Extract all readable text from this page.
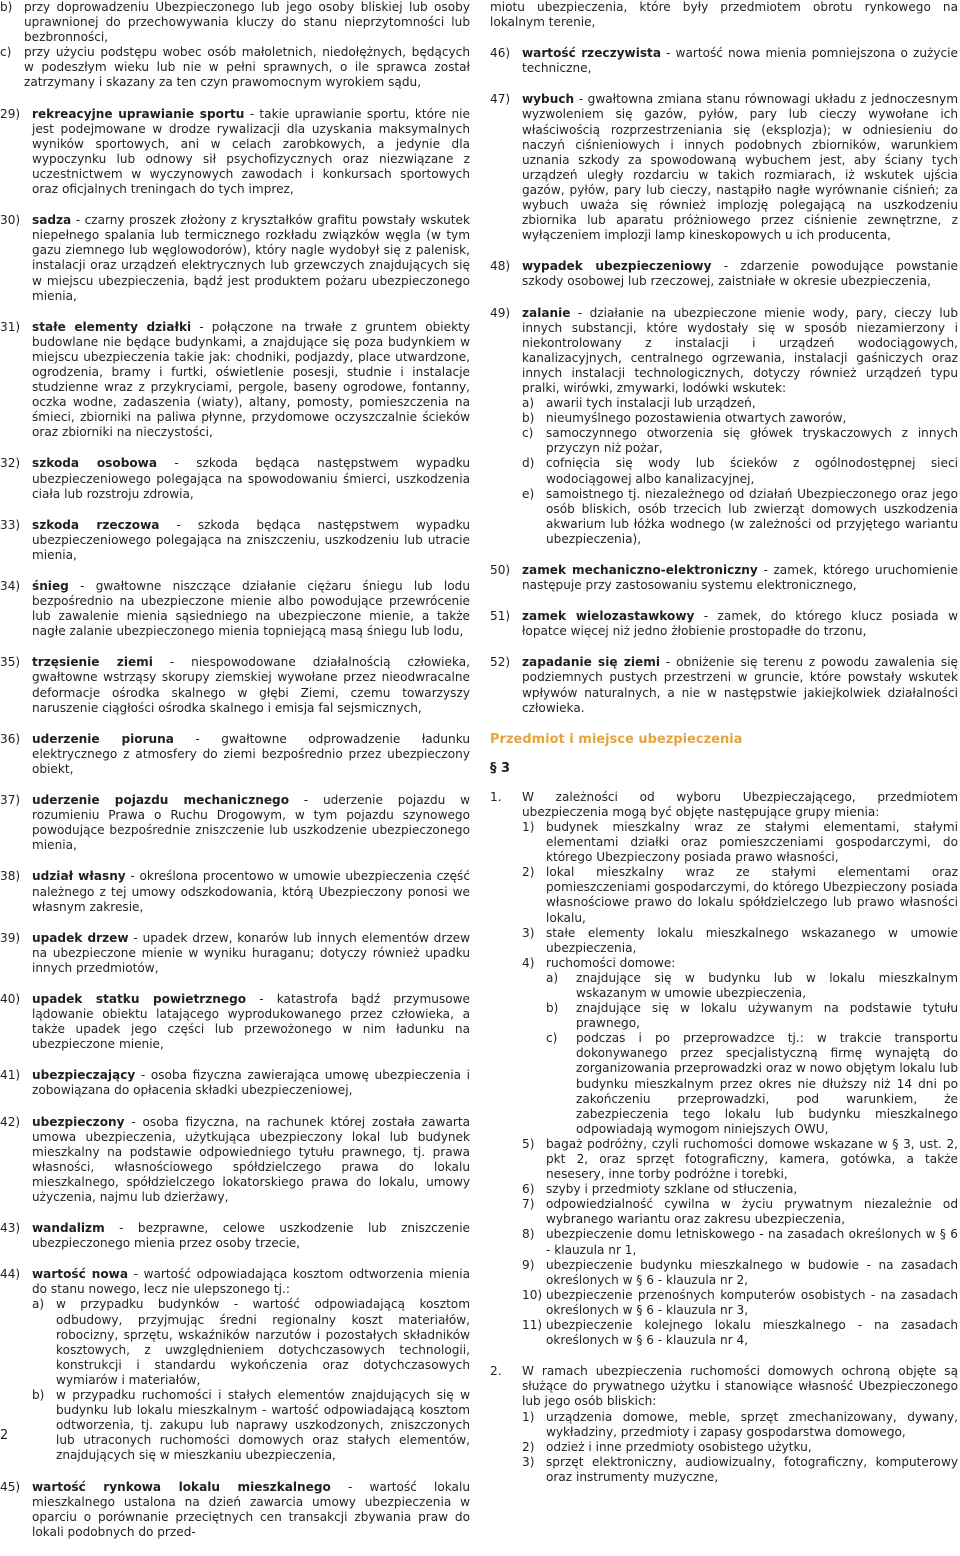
b) przy doprowadzeniu Ubezpieczonego lub jego osoby bliskiej lub osoby uprawnionej do przechowywania kluczy do stanu nieprzytomności lub bezbronności,
c)	przy użyciu podstępu wobec osób małoletnich, niedołężnych, będących w podeszłym wieku lub nie w pełni sprawnych, o ile sprawca został zatrzymany i skazany za ten czyn prawomocnym wyrokiem sądu,
29) rekreacyjne uprawianie sportu - takie uprawianie sportu, które nie jest podejmowane w drodze rywalizacji dla uzyskania maksymalnych wyników sportowych, ani w celach zarobkowych, a jedynie dla wypoczynku lub odnowy sił psychofizycznych oraz niezwiązane z uczestnictwem w wyczynowych zawodach i konkursach sportowych oraz oficjalnych treningach do tych imprez,
30) sadza - czarny proszek złożony z kryształków grafitu powstały wskutek niepełnego spalania lub termicznego rozkładu związków węgla (w tym gazu ziemnego lub węglowodorów), który nagle wydobył się z palenisk, instalacji oraz urządzeń elektrycznych lub grzewczych znajdujących się w miejscu ubezpieczenia, bądź jest produktem pożaru ubezpieczonego mienia,
31) stałe elementy działki - połączone na trwałe z gruntem obiekty budowlane nie będące budynkami, a znajdujące się poza budynkiem w miejscu ubezpieczenia takie jak: chodniki, podjazdy, place utwardzone, ogrodzenia, bramy i furtki, oświetlenie posesji, studnie i instalacje studzienne wraz z przykryciami, pergole, baseny ogrodowe, fontanny, oczka wodne, zadaszenia (wiaty), altany, pomosty, pomieszczenia na śmieci, zbiorniki na paliwa płynne, przydomowe oczyszczalnie ścieków oraz zbiorniki na nieczystości,
32) szkoda osobowa - szkoda będąca następstwem wypadku ubezpieczeniowego polegająca na spowodowaniu śmierci, uszkodzenia ciała lub rozstroju zdrowia,
33) szkoda rzeczowa - szkoda będąca następstwem wypadku ubezpieczeniowego polegająca na zniszczeniu, uszkodzeniu lub utracie mienia,
34) śnieg - gwałtowne niszczące działanie ciężaru śniegu lub lodu bezpośrednio na ubezpieczone mienie albo powodujące przewrócenie lub zawalenie mienia sąsiedniego na ubezpieczone mienie, a także nagłe zalanie ubezpieczonego mienia topniejącą masą śniegu lub lodu,
35) trzęsienie ziemi - niespowodowane działalnością człowieka, gwałtowne wstrząsy skorupy ziemskiej wywołane przez nieodwracalne deformacje ośrodka skalnego w głębi Ziemi, czemu towarzyszy naruszenie ciągłości ośrodka skalnego i emisja fal sejsmicznych,
36) uderzenie pioruna - gwałtowne odprowadzenie ładunku elektrycznego z atmosfery do ziemi bezpośrednio przez ubezpieczony obiekt,
37) uderzenie pojazdu mechanicznego - uderzenie pojazdu w rozumieniu Prawa o Ruchu Drogowym, w tym pojazdu szynowego powodujące bezpośrednie zniszczenie lub uszkodzenie ubezpieczonego mienia,
38) udział własny - określona procentowo w umowie ubezpieczenia część należnego z tej umowy odszkodowania, którą Ubezpieczony ponosi we własnym zakresie,
39) upadek drzew - upadek drzew, konarów lub innych elementów drzew na ubezpieczone mienie w wyniku huraganu; dotyczy również upadku innych przedmiotów,
40) upadek statku powietrznego - katastrofa bądź przymusowe lądowanie obiektu latającego wyprodukowanego przez człowieka, a także upadek jego części lub przewożonego w nim ładunku na ubezpieczone mienie,
41) ubezpieczający - osoba fizyczna zawierająca umowę ubezpieczenia i zobowiązana do opłacenia składki ubezpieczeniowej,
42) ubezpieczony - osoba fizyczna, na rachunek której została zawarta umowa ubezpieczenia, użytkująca ubezpieczony lokal lub budynek mieszkalny na podstawie odpowiedniego tytułu prawnego, tj. prawa własności, własnościowego spółdzielczego prawa do lokalu mieszkalnego, spółdzielczego lokatorskiego prawa do lokalu, umowy użyczenia, najmu lub dzierżawy,
43) wandalizm - bezprawne, celowe uszkodzenie lub zniszczenie ubezpieczonego mienia przez osoby trzecie,
44) wartość nowa - wartość odpowiadająca kosztom odtworzenia mienia do stanu nowego, lecz nie ulepszonego tj.:
a) w przypadku budynków - wartość odpowiadającą kosztom odbudowy, przyjmując średni regionalny koszt materiałów, robocizny, sprzętu, wskaźników narzutów i pozostałych składników kosztowych, z uwzględnieniem dotychczasowych technologii, konstrukcji i standardu wykończenia oraz dotychczasowych wymiarów i materiałów,
b) w przypadku ruchomości i stałych elementów znajdujących się w budynku lub lokalu mieszkalnym - wartość odpowiadającą kosztom odtworzenia, tj. zakupu lub naprawy uszkodzonych, zniszczonych lub utraconych ruchomości domowych oraz stałych elementów, znajdujących się w mieszkaniu ubezpieczenia,
45) wartość rynkowa lokalu mieszkalnego - wartość lokalu mieszkalnego ustalona na dzień zawarcia umowy ubezpieczenia w oparciu o porównanie przeciętnych cen transakcji zbywania praw do lokali podobnych do przed-
miotu ubezpieczenia, które były przedmiotem obrotu rynkowego na lokalnym terenie,
46) wartość rzeczywista - wartość nowa mienia pomniejszona o zużycie techniczne,
47) wybuch - gwałtowna zmiana stanu równowagi układu z jednoczesnym wyzwoleniem się gazów, pyłów, pary lub cieczy wywołane ich właściwością rozprzestrzeniania się (eksplozja); w odniesieniu do naczyń ciśnieniowych i innych podobnych zbiorników, warunkiem uznania szkody za spowodowaną wybuchem jest, aby ściany tych urządzeń uległy rozdarciu w takich rozmiarach, iż wskutek ujścia gazów, pyłów, pary lub cieczy, nastąpiło nagłe wyrównanie ciśnień; za wybuch uważa się również implozję polegającą na uszkodzeniu zbiornika lub aparatu próżniowego przez ciśnienie zewnętrzne, z wyłączeniem implozji lamp kineskopowych u ich producenta,
48) wypadek ubezpieczeniowy - zdarzenie powodujące powstanie szkody osobowej lub rzeczowej, zaistniałe w okresie ubezpieczenia,
49) zalanie - działanie na ubezpieczone mienie wody, pary, cieczy lub innych substancji, które wydostały się w sposób niezamierzony i niekontrolowany z instalacji i urządzeń wodociągowych, kanalizacyjnych, centralnego ogrzewania, instalacji gaśniczych oraz innych instalacji technologicznych, dotyczy również urządzeń typu pralki, wirówki, zmywarki, lodówki wskutek:
a) awarii tych instalacji lub urządzeń,
b) nieumyślnego pozostawienia otwartych zaworów,
c)	samoczynnego otworzenia się główek tryskaczowych z innych przyczyn niż pożar,
d) cofnięcia się wody lub ścieków z ogólnodostępnej sieci wodociągowej albo kanalizacyjnej,
e) samoistnego tj. niezależnego od działań Ubezpieczonego oraz jego osób bliskich, osób trzecich lub zwierząt domowych uszkodzenia akwarium lub łóżka wodnego (w zależności od przyjętego wariantu ubezpieczenia),
50) zamek mechaniczno-elektroniczny - zamek, którego uruchomienie następuje przy zastosowaniu systemu elektronicznego,
51) zamek wielozastawkowy - zamek, do którego klucz posiada w łopatce więcej niż jedno żłobienie prostopadłe do trzonu,
52) zapadanie się ziemi - obniżenie się terenu z powodu zawalenia się podziemnych pustych przestrzeni w gruncie, które powstały wskutek wpływów naturalnych, a nie w następstwie jakiejkolwiek działalności człowieka.
Przedmiot i miejsce ubezpieczenia
§ 3
1.	W zależności od wyboru Ubezpieczającego, przedmiotem ubezpieczenia mogą być objęte następujące grupy mienia:
1) budynek mieszkalny wraz ze stałymi elementami, stałymi elementami działki oraz pomieszczeniami gospodarczymi, do którego Ubezpieczony posiada prawo własności,
2) lokal mieszkalny wraz ze stałymi elementami oraz pomieszczeniami gospodarczymi, do którego Ubezpieczony posiada własnościowe prawo do lokalu spółdzielczego lub prawo własności lokalu,
3) stałe elementy lokalu mieszkalnego wskazanego w umowie ubezpieczenia,
4) ruchomości domowe:
a)	znajdujące się w budynku lub w lokalu mieszkalnym wskazanym w umowie ubezpieczenia,
b)	znajdujące się w lokalu używanym na podstawie tytułu prawnego,
c)	podczas i po przeprowadzce tj.: w trakcie transportu dokonywanego przez specjalistyczną firmę wynajętą do zorganizowania przeprowadzki oraz w nowo objętym lokalu lub budynku mieszkalnym przez okres nie dłuższy niż 14 dni po zakończeniu przeprowadzki, pod warunkiem, że zabezpieczenia tego lokalu lub budynku mieszkalnego odpowiadają wymogom niniejszych OWU,
5) bagaż podróżny, czyli ruchomości domowe wskazane w § 3, ust. 2, pkt 2, oraz sprzęt fotograficzny, kamera, gotówka, a także nesesery, inne torby podróżne i torebki,
6) szyby i przedmioty szklane od stłuczenia,
7) odpowiedzialność cywilna w życiu prywatnym niezależnie od wybranego wariantu oraz zakresu ubezpieczenia,
8) ubezpieczenie domu letniskowego - na zasadach określonych w § 6 - klauzula nr 1,
9) ubezpieczenie budynku mieszkalnego w budowie - na zasadach określonych w § 6 - klauzula nr 2,
10) ubezpieczenie przenośnych komputerów osobistych - na zasadach określonych w § 6 - klauzula nr 3,
11) ubezpieczenie kolejnego lokalu mieszkalnego - na zasadach określonych w § 6 - klauzula nr 4,
2.	W ramach ubezpieczenia ruchomości domowych ochroną objęte są służące do prywatnego użytku i stanowiące własność Ubezpieczonego lub jego osób bliskich:
1) urządzenia domowe, meble, sprzęt zmechanizowany, dywany, wykładziny, przedmioty i zapasy gospodarstwa domowego,
2) odzież i inne przedmioty osobistego użytku,
3) sprzęt elektroniczny, audiowizualny, fotograficzny, komputerowy oraz instrumenty muzyczne,
2
